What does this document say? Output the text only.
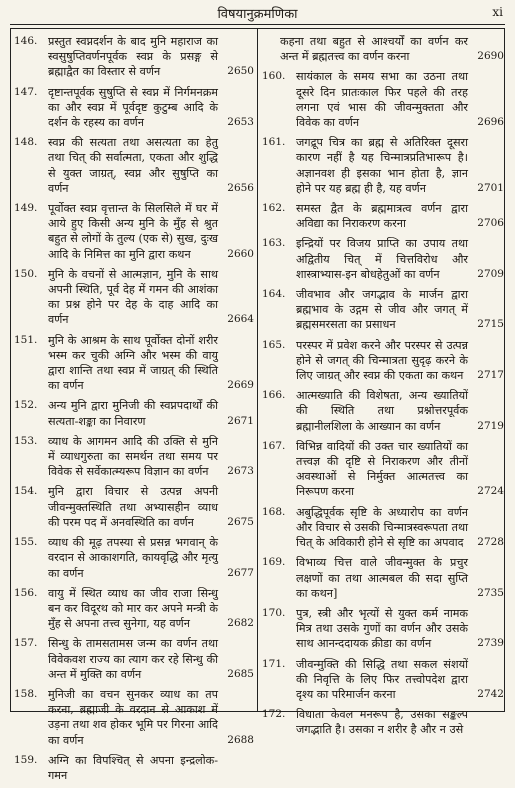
विषयानुक्रमणिका	xi
146. प्रस्तुत स्वप्नदर्शन के बाद मुनि महाराज का स्वसुषुप्तिवर्णनपूर्वक स्वप्न के प्रसङ्ग से ब्रह्माद्वैत का विस्तार से वर्णन	2650
147. दृष्टान्तपूर्वक सुषुप्ति से स्वप्न में निर्गमनक्रम का और स्वप्न में पूर्वदृष्ट कुटुम्ब आदि के दर्शन के रहस्य का वर्णन	2653
148. स्वप्न की सत्यता तथा असत्यता का हेतु तथा चित् की सर्वात्मता, एकता और शुद्धि से युक्त जाग्रत्, स्वप्न और सुषुप्ति का वर्णन	2656
149. पूर्वोक्त स्वप्न वृत्तान्त के सिलसिले में घर में आये हुए किसी अन्य मुनि के मुँह से श्रुत बहुत से लोगों के तुल्य (एक से) सुख, दुःख आदि के निमित्त का मुनि द्वारा कथन	2660
150. मुनि के वचनों से आत्मज्ञान, मुनि के साथ अपनी स्थिति, पूर्व देह में गमन की आशंका का प्रश्न होने पर देह के दाह आदि का वर्णन	2664
151. मुनि के आश्रम के साथ पूर्वोक्त दोनों शरीर भस्म कर चुकी अग्नि और भस्म की वायु द्वारा शान्ति तथा स्वप्न में जाग्रत् की स्थिति का वर्णन	2669
152. अन्य मुनि द्वारा मुनिजी की स्वप्नपदार्थों की सत्यता-शङ्का का निवारण	2671
153. व्याध के आगमन आदि की उक्ति से मुनि में व्याधगुरुता का समर्थन तथा समय पर विवेक से सर्वेकात्म्यरूप विज्ञान का वर्णन	2673
154. मुनि द्वारा विचार से उत्पन्न अपनी जीवन्मुक्तस्थिति तथा अभ्यासहीन व्याध की परम पद में अनवस्थिति का वर्णन	2675
155. व्याध की मूढ़ तपस्या से प्रसन्न भगवान् के वरदान से आकाशगति, कायवृद्धि और मृत्यु का वर्णन	2677
156. वायु में स्थित व्याध का जीव राजा सिन्धु बन कर विदूरथ को मार कर अपने मन्त्री के मुँह से अपना तत्त्व सुनेगा, यह वर्णन	2682
157. सिन्धु के तामसतामस जन्म का वर्णन तथा विवेकवश राज्य का त्याग कर रहे सिन्धु की अन्त में मुक्ति का वर्णन	2685
158. मुनिजी का वचन सुनकर व्याध का तप करना, ब्रह्माजी के वरदान से आकाश में उड़ना तथा शव होकर भूमि पर गिरना आदि का वर्णन	2688
159. अग्नि का विपश्चित् से अपना इन्द्रलोक-गमन
कहना तथा बहुत से आश्चर्यों का वर्णन कर अन्त में ब्रह्मतत्त्व का वर्णन करना	2690
160. सायंकाल के समय सभा का उठना तथा दूसरे दिन प्रातःकाल फिर पहले की तरह लगना एवं भास की जीवन्मुक्तता और विवेक का वर्णन	2696
161. जगद्रूप चित्र का ब्रह्म से अतिरिक्त दूसरा कारण नहीं है यह चिन्मात्रप्रतिभारूप है। अज्ञानवश ही इसका भान होता है, ज्ञान होने पर यह ब्रह्म ही है, यह वर्णन	2701
162. समस्त द्वैत के ब्रह्ममात्रत्व वर्णन द्वारा अविद्या का निराकरण करना	2706
163. इन्द्रियों पर विजय प्राप्ति का उपाय तथा अद्वितीय चित् में चित्तविरोध और शास्त्राभ्यास-इन बोधहेतुओं का वर्णन	2709
164. जीवभाव और जगद्भाव के मार्जन द्वारा ब्रह्मभाव के उद्गम से जीव और जगत् में ब्रह्मसमरसता का प्रसाधन	2715
165. परस्पर में प्रवेश करने और परस्पर से उत्पन्न होने से जगत् की चिन्मात्रता सुदृढ़ करने के लिए जाग्रत् और स्वप्न की एकता का कथन	2717
166. आत्मख्याति की विशेषता, अन्य ख्यातियों की स्थिति तथा प्रश्नोत्तरपूर्वक ब्रह्मानीलशिला के आख्यान का वर्णन	2719
167. विभिन्न वादियों की उक्त चार ख्यातियों का तत्त्वज्ञ की दृष्टि से निराकरण और तीनों अवस्थाओं से निर्मुक्त आत्मतत्त्व का निरूपण करना	2724
168. अबुद्धिपूर्वक सृष्टि के अध्यारोप का वर्णन और विचार से उसकी चिन्मात्रस्वरूपता तथा चित् के अविकारी होने से सृष्टि का अपवाद	2728
169. विभाव्य चित्त वाले जीवन्मुक्त के प्रचुर लक्षणों का तथा आत्मबल की सदा सुप्ति का कथन]	2735
170. पुत्र, स्त्री और भृत्यों से युक्त कर्म नामक मित्र तथा उसके गुणों का वर्णन और उसके साथ आनन्ददायक क्रीडा का वर्णन	2739
171. जीवन्मुक्ति की सिद्धि तथा सकल संशयों की निवृत्ति के लिए फिर तत्त्वोपदेश द्वारा दृश्य का परिमार्जन करना	2742
172. विधाता केवल मनरूप है, उसका सङ्कल्प जगद्भाति है। उसका न शरीर है और न उसे
